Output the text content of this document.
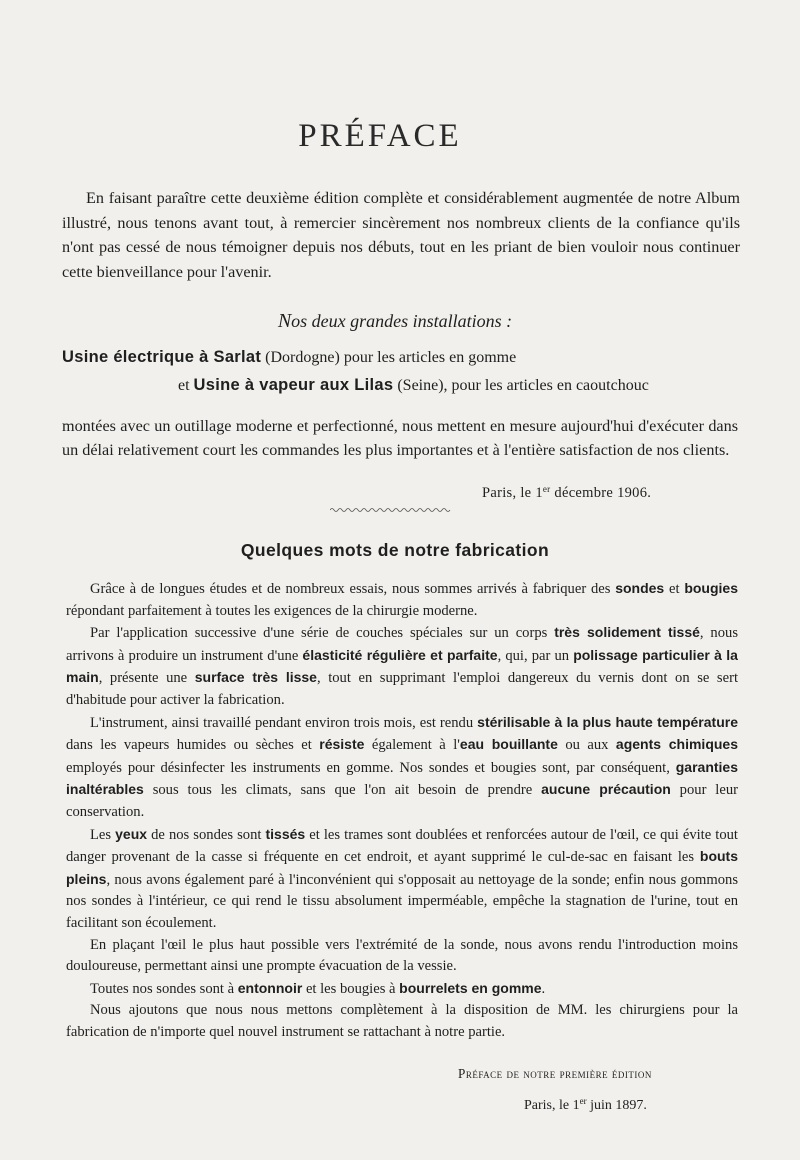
PRÉFACE

En faisant paraître cette deuxième édition complète et considérablement augmentée de notre Album illustré, nous tenons avant tout, à remercier sincèrement nos nombreux clients de la confiance qu'ils n'ont pas cessé de nous témoigner depuis nos débuts, tout en les priant de bien vouloir nous continuer cette bienveillance pour l'avenir.

Nos deux grandes installations :
Usine électrique à Sarlat (Dordogne) pour les articles en gomme
et Usine à vapeur aux Lilas (Seine), pour les articles en caoutchouc

montées avec un outillage moderne et perfectionné, nous mettent en mesure aujourd'hui d'exécuter dans un délai relativement court les commandes les plus importantes et à l'entière satisfaction de nos clients.

Paris, le 1er décembre 1906.
Quelques mots de notre fabrication

Grâce à de longues études et de nombreux essais, nous sommes arrivés à fabriquer des sondes et bougies répondant parfaitement à toutes les exigences de la chirurgie moderne.

Par l'application successive d'une série de couches spéciales sur un corps très solidement tissé, nous arrivons à produire un instrument d'une élasticité régulière et parfaite, qui, par un polissage particulier à la main, présente une surface très lisse, tout en supprimant l'emploi dangereux du vernis dont on se sert d'habitude pour activer la fabrication.

L'instrument, ainsi travaillé pendant environ trois mois, est rendu stérilisable à la plus haute température dans les vapeurs humides ou sèches et résiste également à l'eau bouillante ou aux agents chimiques employés pour désinfecter les instruments en gomme. Nos sondes et bougies sont, par conséquent, garanties inaltérables sous tous les climats, sans que l'on ait besoin de prendre aucune précaution pour leur conservation.

Les yeux de nos sondes sont tissés et les trames sont doublées et renforcées autour de l'œil, ce qui évite tout danger provenant de la casse si fréquente en cet endroit, et ayant supprimé le cul-de-sac en faisant les bouts pleins, nous avons également paré à l'inconvénient qui s'opposait au nettoyage de la sonde; enfin nous gommons nos sondes à l'intérieur, ce qui rend le tissu absolument imperméable, empêche la stagnation de l'urine, tout en facilitant son écoulement.

En plaçant l'œil le plus haut possible vers l'extrémité de la sonde, nous avons rendu l'introduction moins douloureuse, permettant ainsi une prompte évacuation de la vessie.

Toutes nos sondes sont à entonnoir et les bougies à bourrelets en gomme.

Nous ajoutons que nous nous mettons complètement à la disposition de MM. les chirurgiens pour la fabrication de n'importe quel nouvel instrument se rattachant à notre partie.

Préface de notre première édition
Paris, le 1er juin 1897.
